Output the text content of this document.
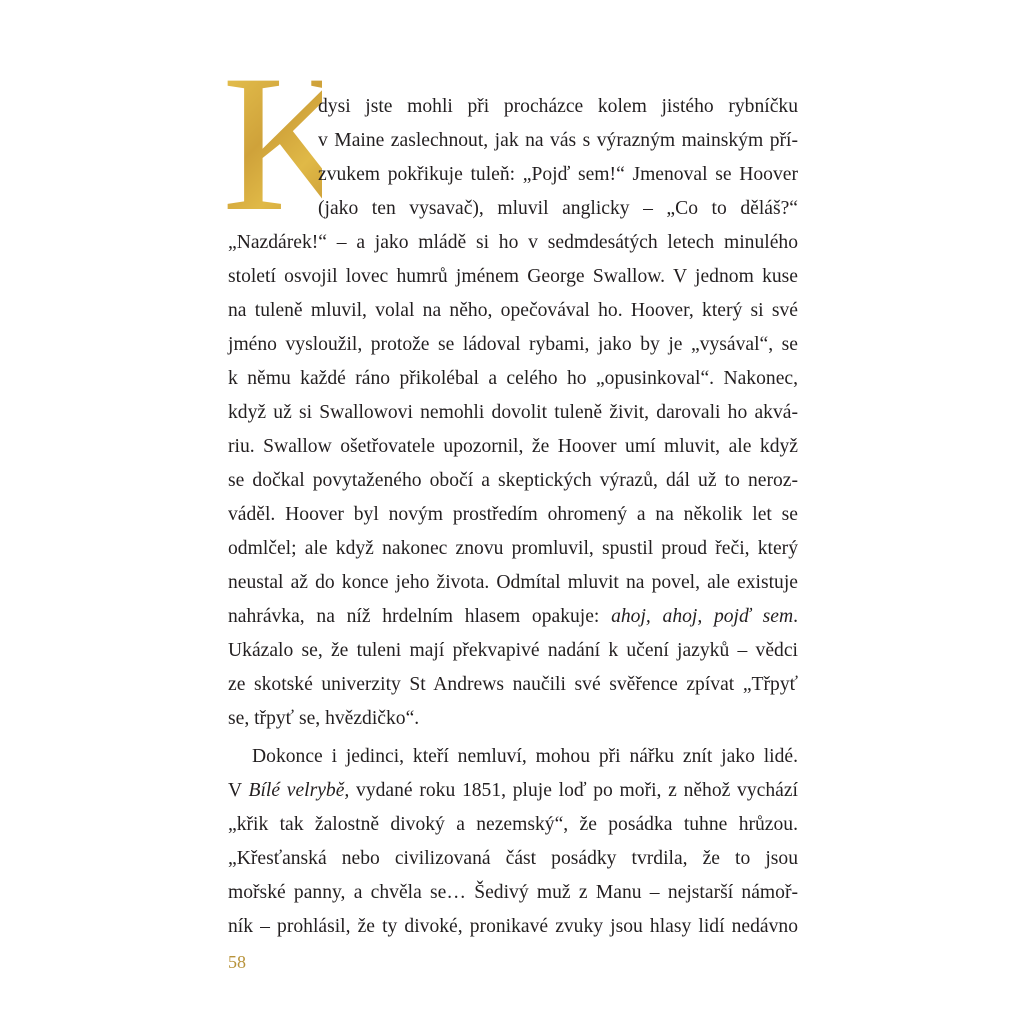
K
dysi jste mohli při procházce kolem jistého rybníčku
v Maine zaslechnout, jak na vás s výrazným mainským pří-
zvukem pokřikuje tuleň: „Pojď sem!“ Jmenoval se Hoover
(jako ten vysavač), mluvil anglicky – „Co to děláš?“
„Nazdárek!“ – a jako mládě si ho v sedmdesátých letech minulého
století osvojil lovec humrů jménem George Swallow. V jednom kuse
na tuleně mluvil, volal na něho, opečovával ho. Hoover, který si své
jméno vysloužil, protože se ládoval rybami, jako by je „vysával“, se
k němu každé ráno přikolébal a celého ho „opusinkoval“. Nakonec,
když už si Swallowovi nemohli dovolit tuleně živit, darovali ho akvá-
riu. Swallow ošetřovatele upozornil, že Hoover umí mluvit, ale když
se dočkal povytaženého obočí a skeptických výrazů, dál už to neroz-
váděl. Hoover byl novým prostředím ohromený a na několik let se
odmlčel; ale když nakonec znovu promluvil, spustil proud řeči, který
neustal až do konce jeho života. Odmítal mluvit na povel, ale existuje
nahrávka, na níž hrdelním hlasem opakuje: ahoj, ahoj, pojď sem.
Ukázalo se, že tuleni mají překvapivé nadání k učení jazyků – vědci
ze skotské univerzity St Andrews naučili své svěřence zpívat „Třpyť
se, třpyť se, hvězdičko“.
Dokonce i jedinci, kteří nemluví, mohou při nářku znít jako lidé.
V Bílé velrybě, vydané roku 1851, pluje loď po moři, z něhož vychází
„křik tak žalostně divoký a nezemský“, že posádka tuhne hrůzou.
„Křesťanská nebo civilizovaná část posádky tvrdila, že to jsou
mořské panny, a chvěla se… Šedivý muž z Manu – nejstarší námoř-
ník – prohlásil, že ty divoké, pronikavé zvuky jsou hlasy lidí nedávno
58
